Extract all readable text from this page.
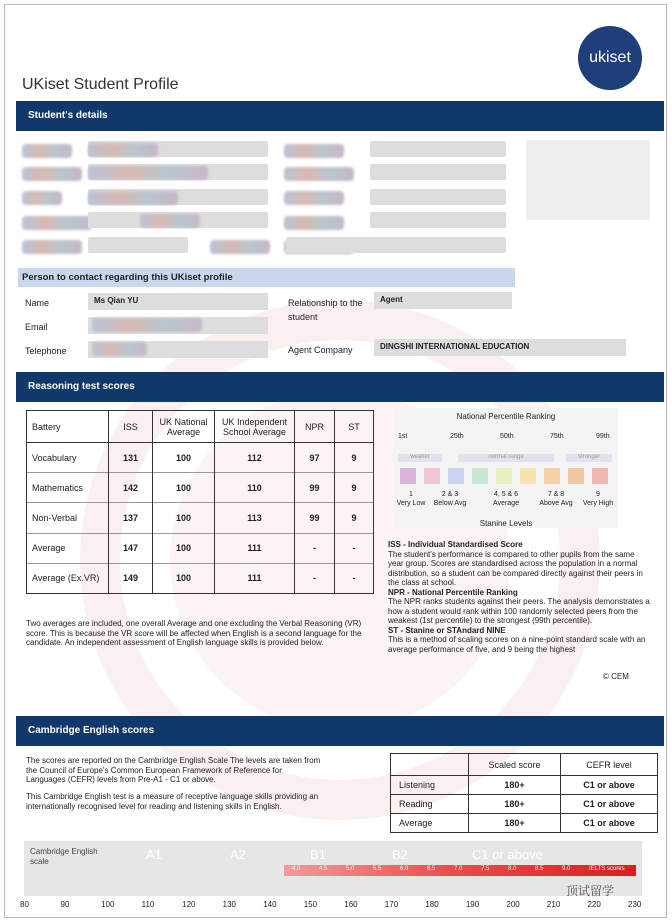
ukiset
UKiset Student Profile
Student's details
Person to contact regarding this UKiset profile
Name	Ms Qian YU
Email
Telephone
Relationship to the student
Agent
Agent Company	DINGSHI INTERNATIONAL EDUCATION
Reasoning test scores
Battery	ISS	UK National Average	UK Independent School Average	NPR	ST
Vocabulary	131	100	112	97	9
Mathematics	142	100	110	99	9
Non-Verbal	137	100	113	99	9
Average	147	100	111	-	-
Average (Ex.VR)	149	100	111	-	-
Two averages are included, one overall Average and one excluding the Verbal Reasoning (VR) score. This is because the VR score will be affected when English is a second language for the candidate. An independent assessment of English language skills is provided below.
National Percentile Ranking
1st	25th	50th	75th	99th
weaker	normal range	stronger
1
Very Low
2 & 3
Below Avg
4, 5 & 6
Average
7 & 8
Above Avg
9
Very High
Stanine Levels
ISS - Individual Standardised Score
The student's performance is compared to other pupils from the same year group. Scores are standardised across the population in a normal distribution, so a student can be compared directly against their peers in the class at school.
NPR - National Percentile Ranking
The NPR ranks students against their peers. The analysis demonstrates a how a student would rank within 100 randomly selected peers from the weakest (1st percentile) to the strongest (99th percentile).
ST - Stanine or STAndard NINE
This is a method of scaling scores on a nine-point standard scale with an average performance of five, and 9 being the highest
© CEM
Cambridge English scores
The scores are reported on the Cambridge English Scale The levels are taken from the Council of Europe's Common European Framework of Reference for Languages (CEFR) levels from Pre-A1 - C1 or above.
This Cambridge English test is a measure of receptive language skills providing an internationally recognised level for reading and listening skills in English.
	Scaled score	CEFR level
Listening	180+	C1 or above
Reading	180+	C1 or above
Average	180+	C1 or above
Cambridge English scale	A1	A2	B1	B2	C1 or above
4.0	4.5	5.0	5.5	6.0	6.5	7.0	7.5	8.0	8.5	9.0	IELTS scores
80	90	100	110	120	130	140	150	160	170	180	190	200	210	220	230
顶试留学
